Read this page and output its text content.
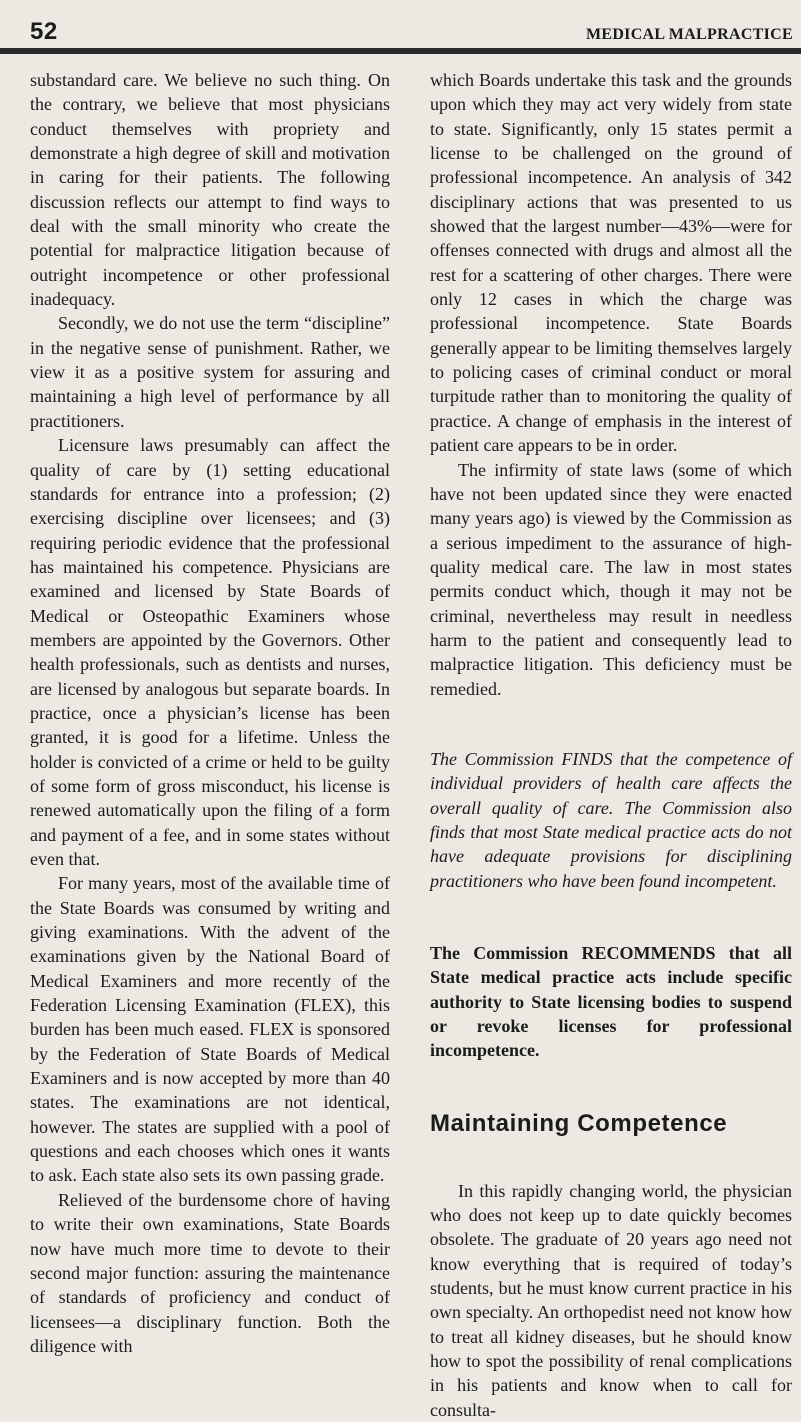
52	MEDICAL MALPRACTICE

substandard care. We believe no such thing. On the contrary, we believe that most physicians conduct themselves with propriety and demonstrate a high degree of skill and motivation in caring for their patients. The following discussion reflects our attempt to find ways to deal with the small minority who create the potential for malpractice litigation because of outright incompetence or other professional inadequacy.

Secondly, we do not use the term “discipline” in the negative sense of punishment. Rather, we view it as a positive system for assuring and maintaining a high level of performance by all practitioners.

Licensure laws presumably can affect the quality of care by (1) setting educational standards for entrance into a profession; (2) exercising discipline over licensees; and (3) requiring periodic evidence that the professional has maintained his competence. Physicians are examined and licensed by State Boards of Medical or Osteopathic Examiners whose members are appointed by the Governors. Other health professionals, such as dentists and nurses, are licensed by analogous but separate boards. In practice, once a physician’s license has been granted, it is good for a lifetime. Unless the holder is convicted of a crime or held to be guilty of some form of gross misconduct, his license is renewed automatically upon the filing of a form and payment of a fee, and in some states without even that.

For many years, most of the available time of the State Boards was consumed by writing and giving examinations. With the advent of the examinations given by the National Board of Medical Examiners and more recently of the Federation Licensing Examination (FLEX), this burden has been much eased. FLEX is sponsored by the Federation of State Boards of Medical Examiners and is now accepted by more than 40 states. The examinations are not identical, however. The states are supplied with a pool of questions and each chooses which ones it wants to ask. Each state also sets its own passing grade.

Relieved of the burdensome chore of having to write their own examinations, State Boards now have much more time to devote to their second major function: assuring the maintenance of standards of proficiency and conduct of licensees—a disciplinary function. Both the diligence with

which Boards undertake this task and the grounds upon which they may act very widely from state to state. Significantly, only 15 states permit a license to be challenged on the ground of professional incompetence. An analysis of 342 disciplinary actions that was presented to us showed that the largest number—43%—were for offenses connected with drugs and almost all the rest for a scattering of other charges. There were only 12 cases in which the charge was professional incompetence. State Boards generally appear to be limiting themselves largely to policing cases of criminal conduct or moral turpitude rather than to monitoring the quality of practice. A change of emphasis in the interest of patient care appears to be in order.

The infirmity of state laws (some of which have not been updated since they were enacted many years ago) is viewed by the Commission as a serious impediment to the assurance of high-quality medical care. The law in most states permits conduct which, though it may not be criminal, nevertheless may result in needless harm to the patient and consequently lead to malpractice litigation. This deficiency must be remedied.

The Commission FINDS that the competence of individual providers of health care affects the overall quality of care. The Commission also finds that most State medical practice acts do not have adequate provisions for disciplining practitioners who have been found incompetent.

The Commission RECOMMENDS that all State medical practice acts include specific authority to State licensing bodies to suspend or revoke licenses for professional incompetence.

Maintaining Competence

In this rapidly changing world, the physician who does not keep up to date quickly becomes obsolete. The graduate of 20 years ago need not know everything that is required of today’s students, but he must know current practice in his own specialty. An orthopedist need not know how to treat all kidney diseases, but he should know how to spot the possibility of renal complications in his patients and know when to call for consulta-
